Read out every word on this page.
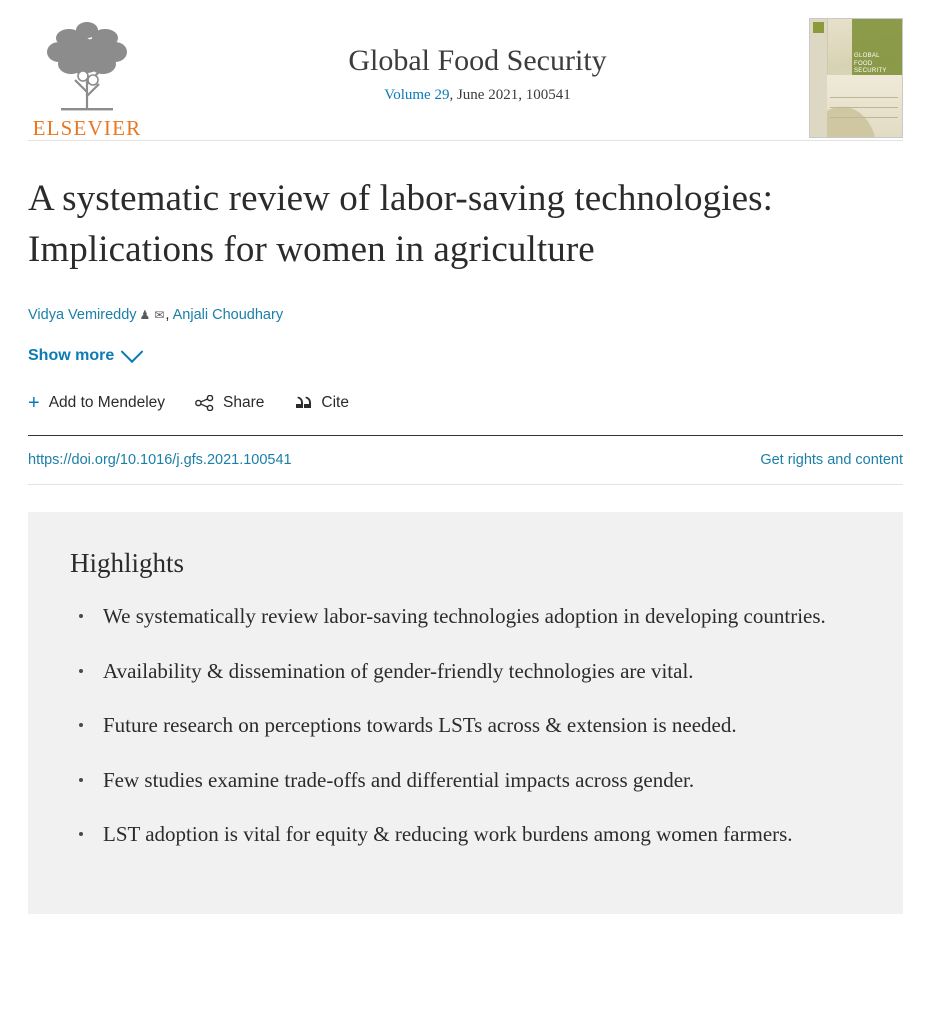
ELSEVIER
Global Food Security
Volume 29, June 2021, 100541
GLOBAL FOOD SECURITY
A systematic review of labor-saving technologies: Implications for women in agriculture
Vidya Vemireddy ♟ ✉, Anjali Choudhary
Show more
+ Add to Mendeley	Share	Cite
https://doi.org/10.1016/j.gfs.2021.100541	Get rights and content
Highlights
We systematically review labor-saving technologies adoption in developing countries.
Availability & dissemination of gender-friendly technologies are vital.
Future research on perceptions towards LSTs across & extension is needed.
Few studies examine trade-offs and differential impacts across gender.
LST adoption is vital for equity & reducing work burdens among women farmers.
